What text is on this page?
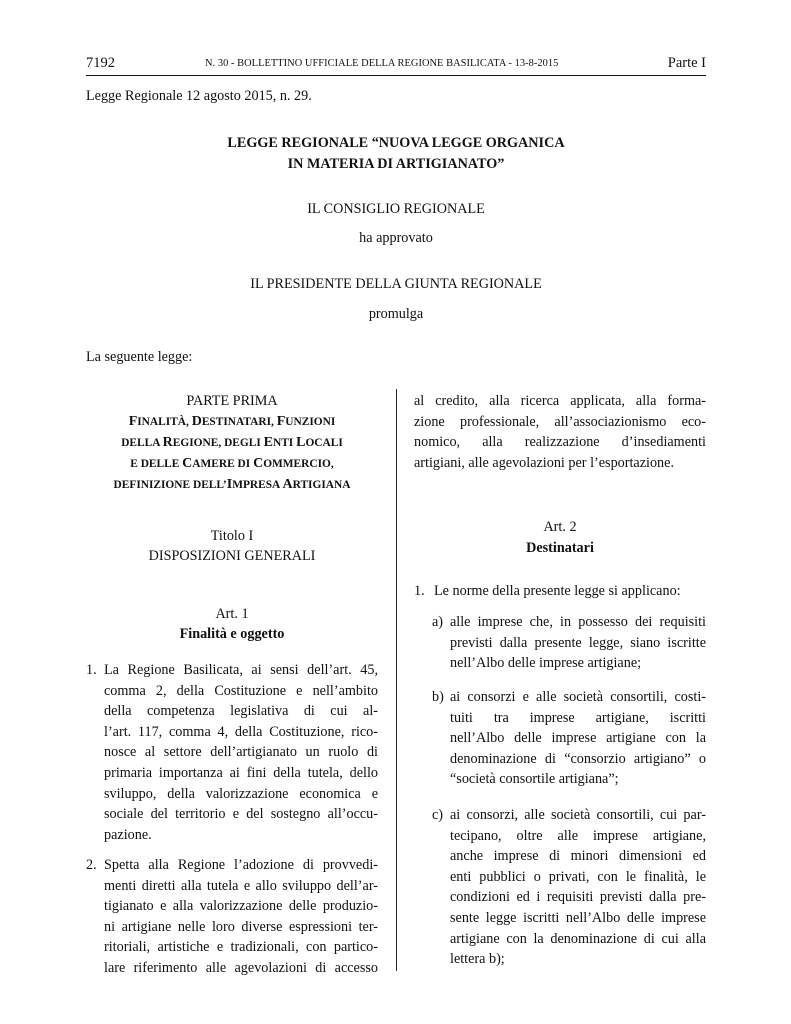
7192	N. 30 - BOLLETTINO UFFICIALE DELLA REGIONE BASILICATA - 13-8-2015	Parte I
Legge Regionale 12 agosto 2015, n. 29.
LEGGE REGIONALE “NUOVA LEGGE ORGANICA
IN MATERIA DI ARTIGIANATO”
IL CONSIGLIO REGIONALE
ha approvato
IL PRESIDENTE DELLA GIUNTA REGIONALE
promulga
La seguente legge:
PARTE PRIMA
FINALITÀ, DESTINATARI, FUNZIONI
DELLA REGIONE, DEGLI ENTI LOCALI
E DELLE CAMERE DI COMMERCIO,
DEFINIZIONE DELL’IMPRESA ARTIGIANA
Titolo I
DISPOSIZIONI GENERALI
Art. 1
Finalità e oggetto
1. La Regione Basilicata, ai sensi dell’art. 45,
comma 2, della Costituzione e nell’ambito
della competenza legislativa di cui al-
l’art. 117, comma 4, della Costituzione, rico-
nosce al settore dell’artigianato un ruolo di
primaria importanza ai fini della tutela, dello
sviluppo, della valorizzazione economica e
sociale del territorio e del sostegno all’occu-
pazione.
2. Spetta alla Regione l’adozione di provvedi-
menti diretti alla tutela e allo sviluppo dell’ar-
tigianato e alla valorizzazione delle produzio-
ni artigiane nelle loro diverse espressioni ter-
ritoriali, artistiche e tradizionali, con partico-
lare riferimento alle agevolazioni di accesso
al credito, alla ricerca applicata, alla forma-
zione professionale, all’associazionismo eco-
nomico, alla realizzazione d’insediamenti
artigiani, alle agevolazioni per l’esportazione.
Art. 2
Destinatari
1. Le norme della presente legge si applicano:
a) alle imprese che, in possesso dei requisiti
previsti dalla presente legge, siano iscritte
nell’Albo delle imprese artigiane;
b) ai consorzi e alle società consortili, costi-
tuiti tra imprese artigiane, iscritti
nell’Albo delle imprese artigiane con la
denominazione di “consorzio artigiano” o
“società consortile artigiana”;
c) ai consorzi, alle società consortili, cui par-
tecipano, oltre alle imprese artigiane,
anche imprese di minori dimensioni ed
enti pubblici o privati, con le finalità, le
condizioni ed i requisiti previsti dalla pre-
sente legge iscritti nell’Albo delle imprese
artigiane con la denominazione di cui alla
lettera b);
